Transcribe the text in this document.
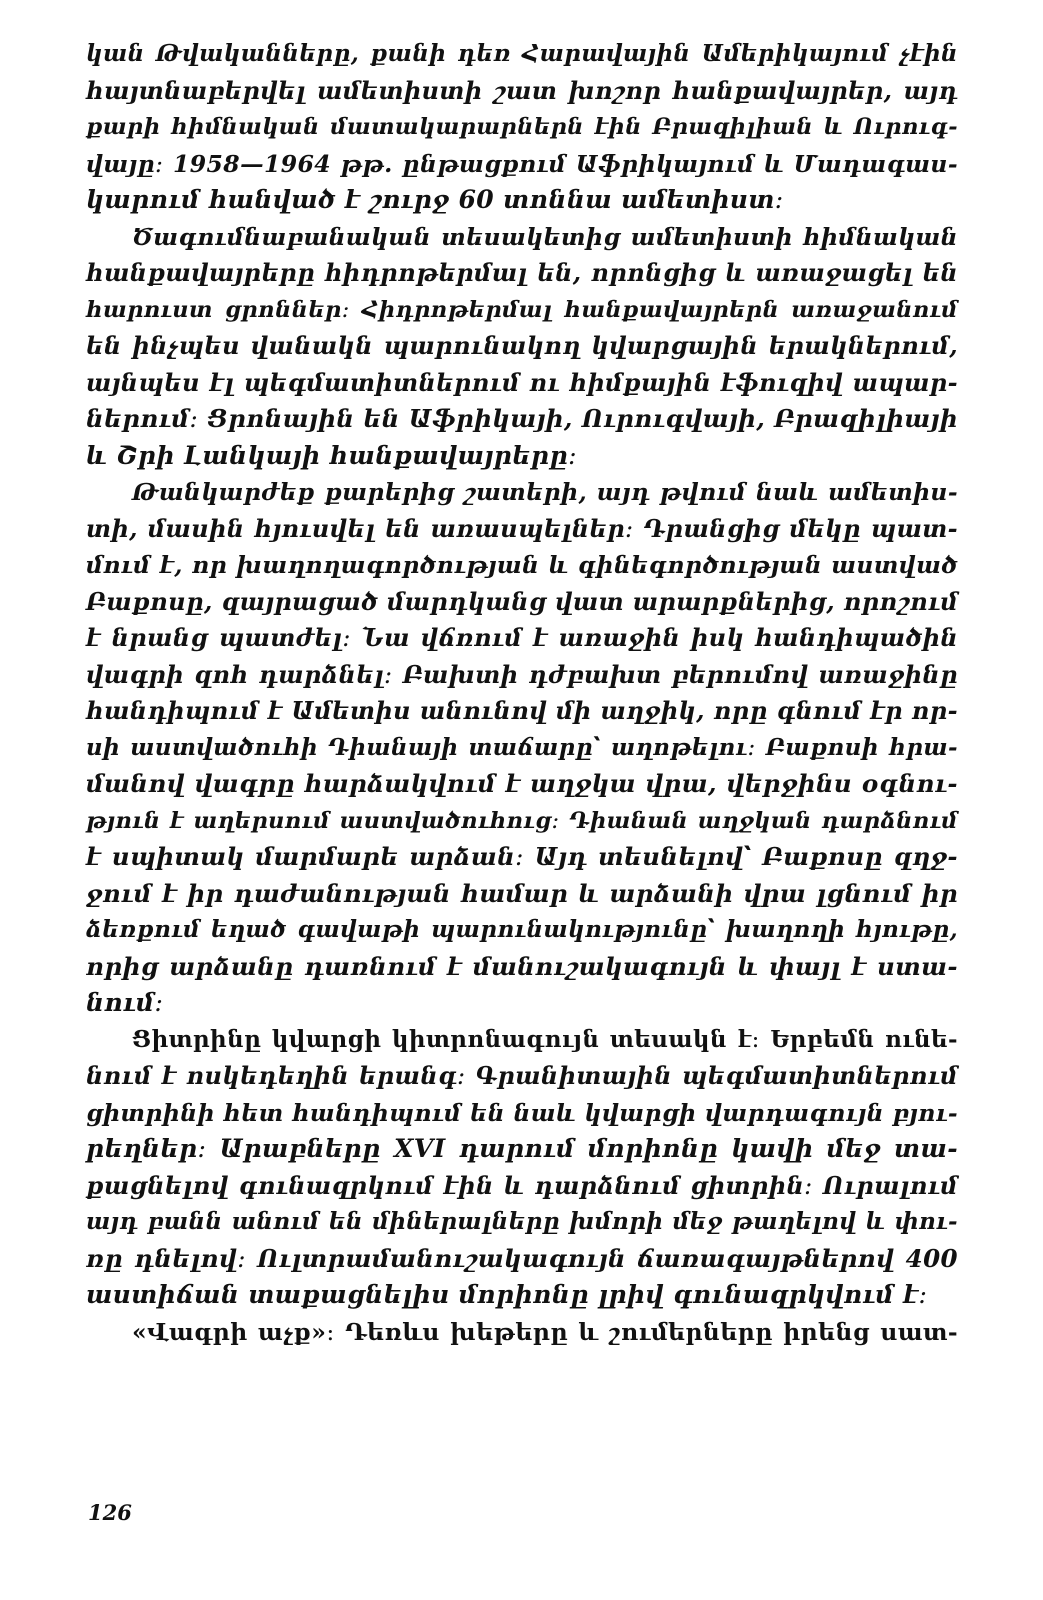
կան Թվականները, քանի դեռ Հարավային Ամերիկայում չէին
հայտնաբերվել ամետիստի շատ խոշոր հանքավայրեր, այդ
քարի հիմնական մատակարարներն էին Բրազիլիան և Ուրուգ-
վայը։ 1958—1964 թթ. ընթացքում Աֆրիկայում և Մադագաս-
կարում հանված է շուրջ 60 տոննա ամետիստ։
Ծագումնաբանական տեսակետից ամետիստի հիմնական
հանքավայրերը հիդրոթերմալ են, որոնցից և առաջացել են
հարուստ ցրոններ։ Հիդրոթերմալ հանքավայրերն առաջանում
են ինչպես վանակն պարունակող կվարցային երակներում,
այնպես էլ պեգմատիտներում ու հիմքային էֆուզիվ ապար-
ներում։ Ցրոնային են Աֆրիկայի, Ուրուգվայի, Բրազիլիայի
և Շրի Լանկայի հանքավայրերը։
Թանկարժեք քարերից շատերի, այդ թվում նաև ամետիս-
տի, մասին հյուսվել են առասպելներ։ Դրանցից մեկը պատ-
մում է, որ խաղողագործության և գինեգործության աստված
Բաքոսը, զայրացած մարդկանց վատ արարքներից, որոշում
է նրանց պատժել։ Նա վճռում է առաջին իսկ հանդիպածին
վագրի զոհ դարձնել։ Բախտի դժբախտ բերումով առաջինը
հանդիպում է Ամետիս անունով մի աղջիկ, որը գնում էր որ-
սի աստվածուհի Դիանայի տաճարը՝ աղոթելու։ Բաքոսի հրա-
մանով վագրը հարձակվում է աղջկա վրա, վերջինս օգնու-
թյուն է աղերսում աստվածուհուց։ Դիանան աղջկան դարձնում
է սպիտակ մարմարե արձան։ Այդ տեսնելով՝ Բաքոսը զղջ-
ջում է իր դաժանության համար և արձանի վրա լցնում իր
ձեռքում եղած գավաթի պարունակությունը՝ խաղողի հյութը,
որից արձանը դառնում է մանուշակագույն և փայլ է ստա-
նում։
Ցիտրինը կվարցի կիտրոնագույն տեսակն է։ Երբեմն ունե-
նում է ոսկեդեղին երանգ։ Գրանիտային պեգմատիտներում
ցիտրինի հետ հանդիպում են նաև կվարցի վարդագույն բյու-
րեղներ։ Արաբները XVI դարում մորիոնը կավի մեջ տա-
քացնելով գունազրկում էին և դարձնում ցիտրին։ Ուրալում
այդ բանն անում են միներալները խմորի մեջ թաղելով և փու-
ռը դնելով։ Ուլտրամանուշակագույն ճառագայթներով 400
աստիճան տաքացնելիս մորիոնը լրիվ գունազրկվում է։
«Վագրի աչք»։ Դեռևս խեթերը և շումերները իրենց սատ-
126
